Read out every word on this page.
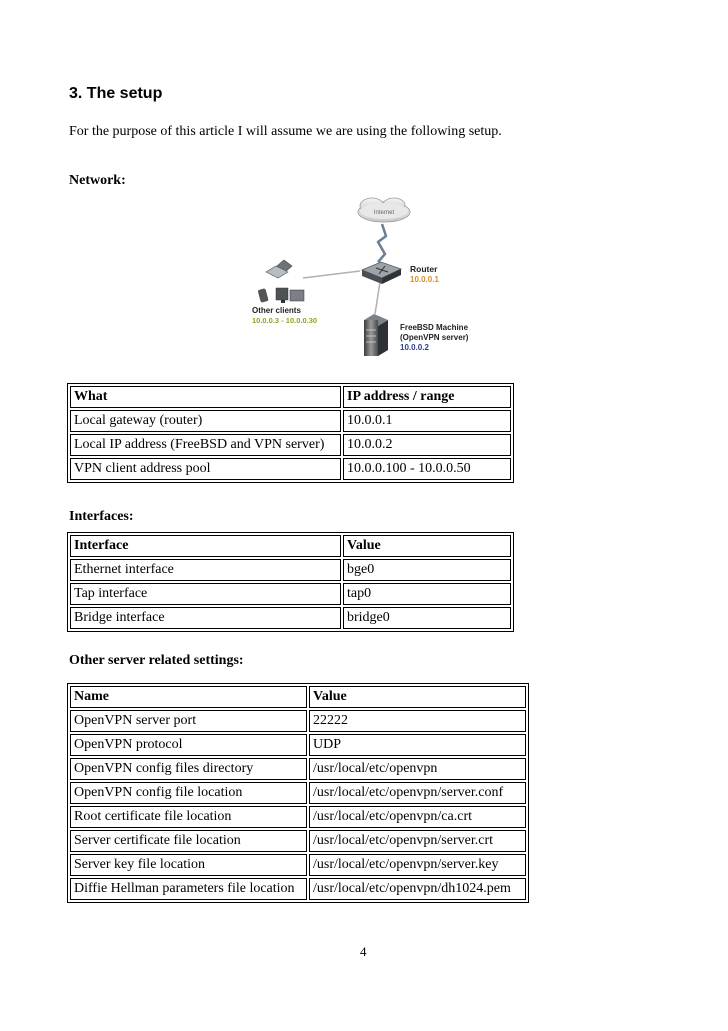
3. The setup
For the purpose of this article I will assume we are using the following setup.
Network:
Internet
Router
10.0.0.1
Other clients
10.0.0.3 - 10.0.0.30
FreeBSD Machine
(OpenVPN server)
10.0.0.2
What	IP address / range
Local gateway (router)	10.0.0.1
Local IP address (FreeBSD and VPN server)	10.0.0.2
VPN client address pool	10.0.0.100 - 10.0.0.50
Interfaces:
Interface	Value
Ethernet interface	bge0
Tap interface	tap0
Bridge interface	bridge0
Other server related settings:
Name	Value
OpenVPN server port	22222
OpenVPN protocol	UDP
OpenVPN config files directory	/usr/local/etc/openvpn
OpenVPN config file location	/usr/local/etc/openvpn/server.conf
Root certificate file location	/usr/local/etc/openvpn/ca.crt
Server certificate file location	/usr/local/etc/openvpn/server.crt
Server key file location	/usr/local/etc/openvpn/server.key
Diffie Hellman parameters file location	/usr/local/etc/openvpn/dh1024.pem
4
